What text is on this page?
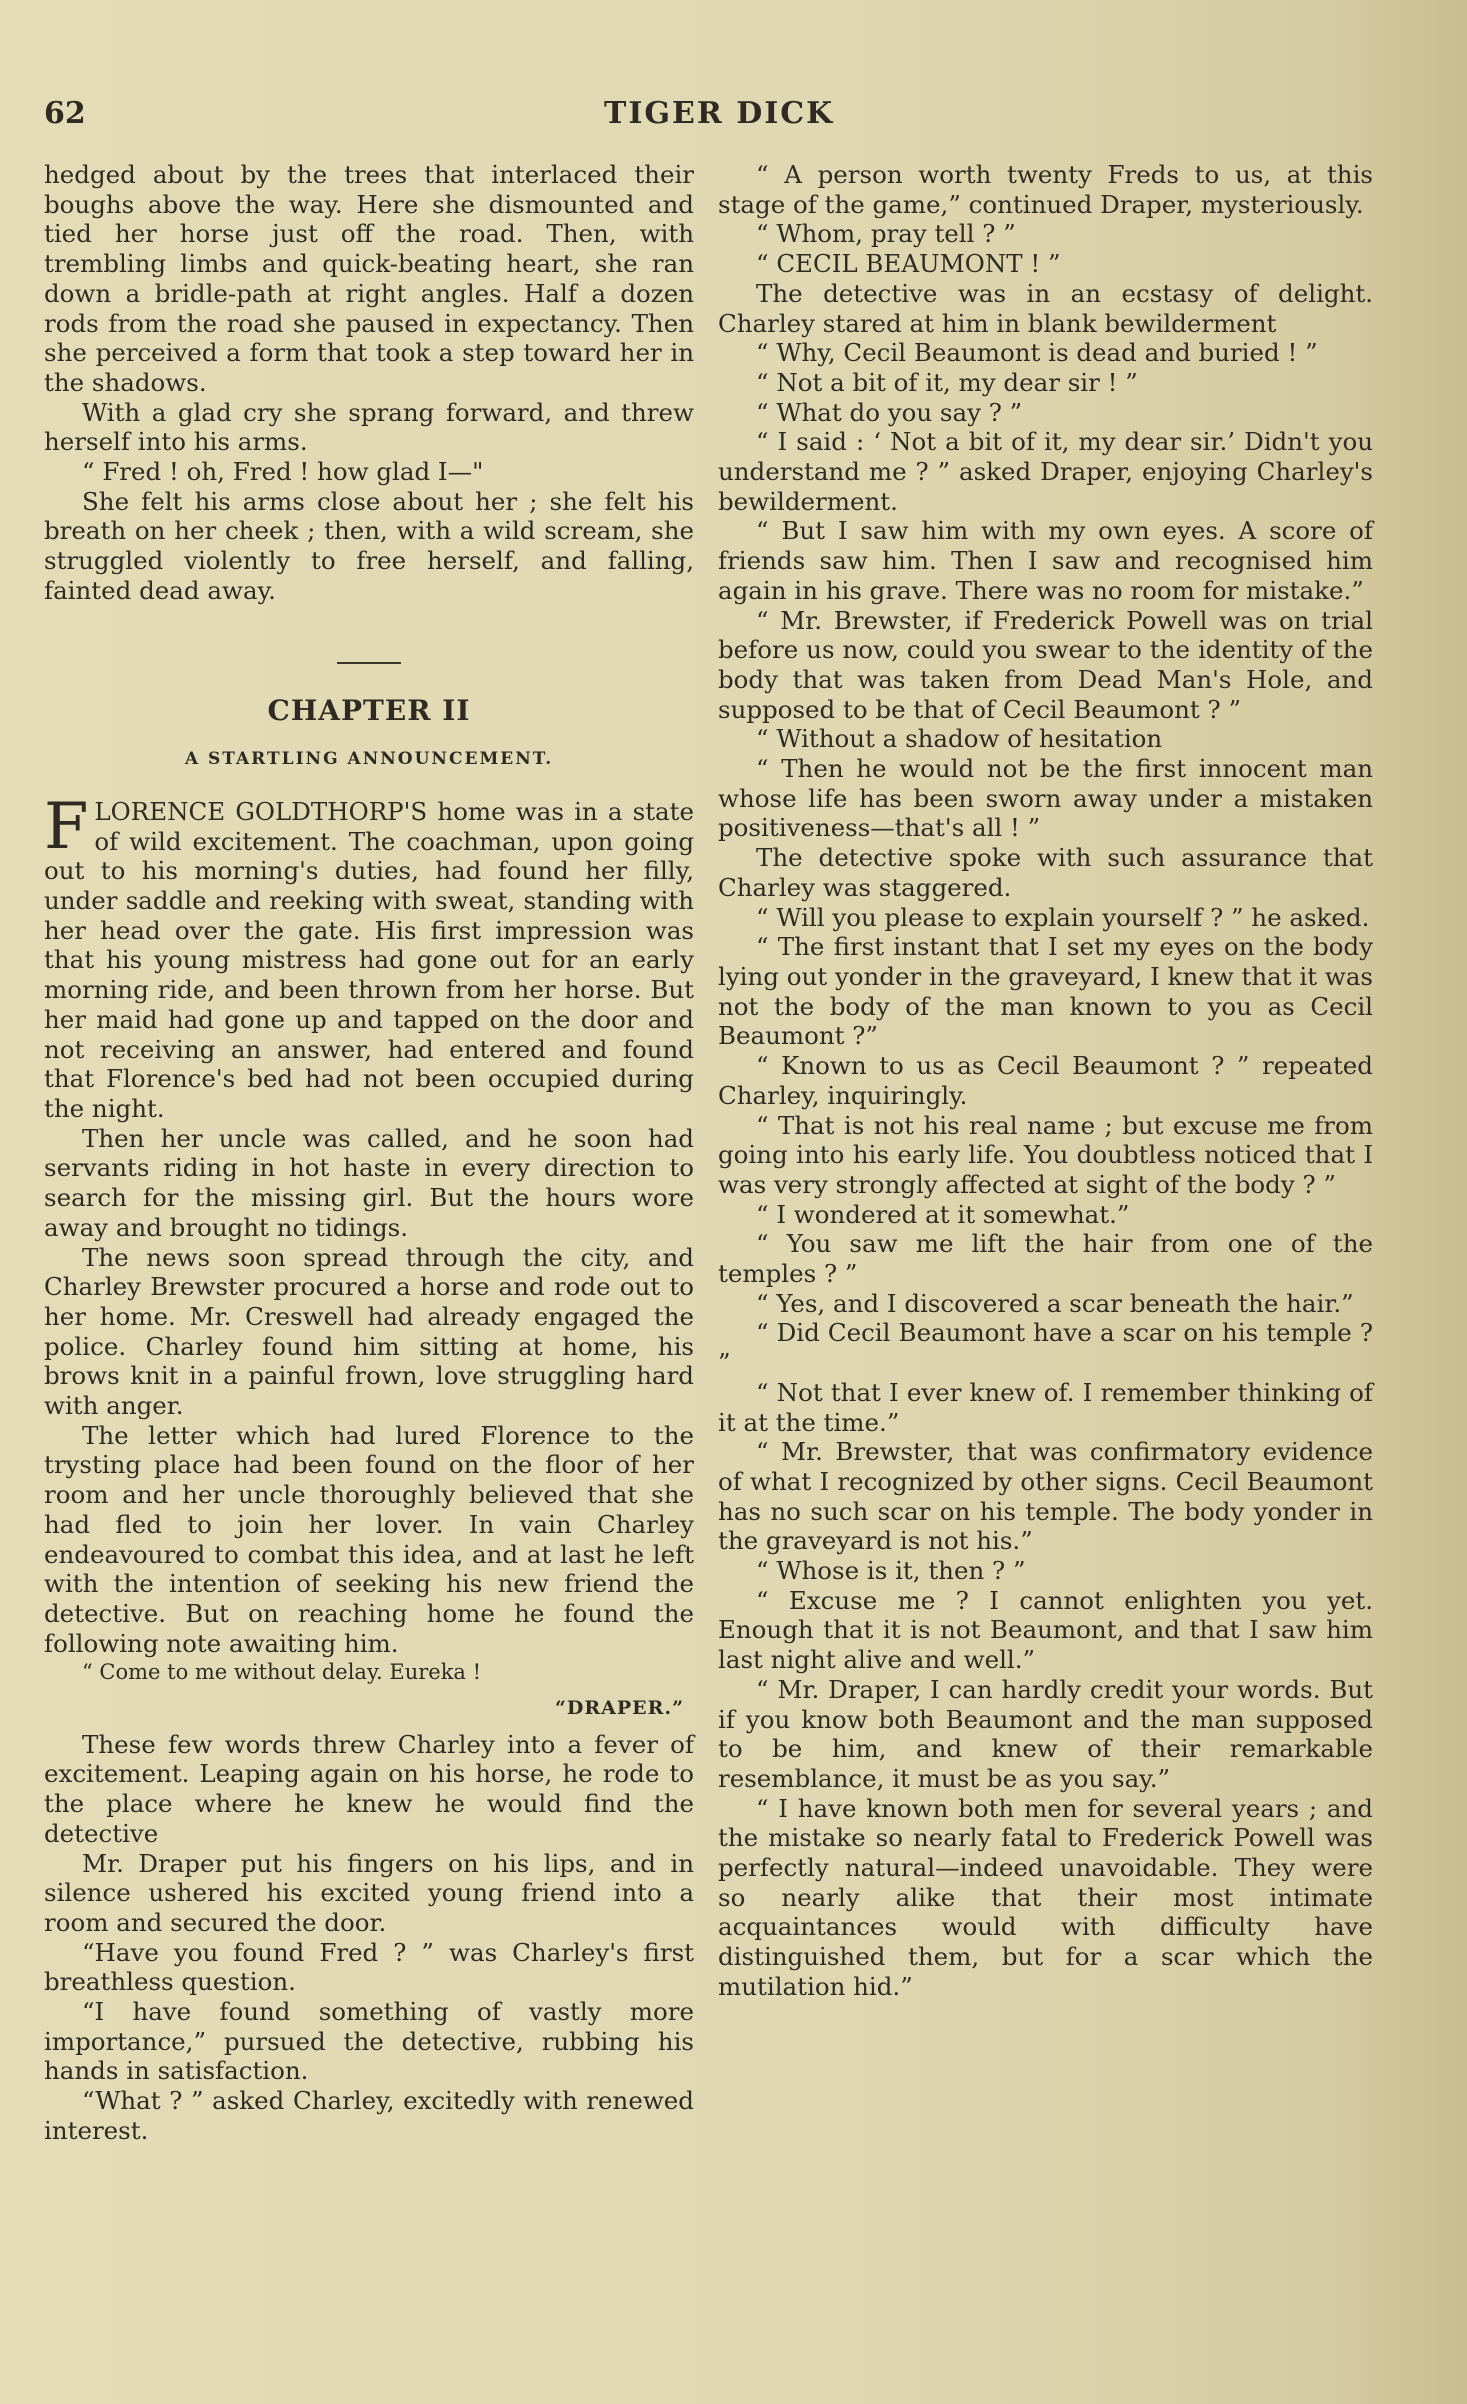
62	TIGER DICK

hedged about by the trees that interlaced their boughs above the way. Here she dismounted and tied her horse just off the road. Then, with trembling limbs and quick-beating heart, she ran down a bridle-path at right angles. Half a dozen rods from the road she paused in expectancy. Then she perceived a form that took a step toward her in the shadows.

With a glad cry she sprang forward, and threw herself into his arms.

“ Fred ! oh, Fred ! how glad I—"

She felt his arms close about her ; she felt his breath on her cheek ; then, with a wild scream, she struggled violently to free herself, and falling, fainted dead away.

CHAPTER II
A STARTLING ANNOUNCEMENT.

FLORENCE GOLDTHORP'S home was in a state of wild excitement. The coachman, upon going out to his morning's duties, had found her filly, under saddle and reeking with sweat, standing with her head over the gate. His first impression was that his young mistress had gone out for an early morning ride, and been thrown from her horse. But her maid had gone up and tapped on the door and not receiving an answer, had entered and found that Florence's bed had not been occupied during the night.

Then her uncle was called, and he soon had servants riding in hot haste in every direction to search for the missing girl. But the hours wore away and brought no tidings.

The news soon spread through the city, and Charley Brewster procured a horse and rode out to her home. Mr. Creswell had already engaged the police. Charley found him sitting at home, his brows knit in a painful frown, love struggling hard with anger.

The letter which had lured Florence to the trysting place had been found on the floor of her room and her uncle thoroughly believed that she had fled to join her lover. In vain Charley endeavoured to combat this idea, and at last he left with the intention of seeking his new friend the detective. But on reaching home he found the following note awaiting him.

“ Come to me without delay. Eureka !

“DRAPER.”

These few words threw Charley into a fever of excitement. Leaping again on his horse, he rode to the place where he knew he would find the detective

Mr. Draper put his fingers on his lips, and in silence ushered his excited young friend into a room and secured the door.

“Have you found Fred ? ” was Charley's first breathless question.

“I have found something of vastly more importance,” pursued the detective, rubbing his hands in satisfaction.

“What ? ” asked Charley, excitedly with renewed interest.

“ A person worth twenty Freds to us, at this stage of the game,” continued Draper, mysteriously.

“ Whom, pray tell ? ”

“ CECIL BEAUMONT ! ”

The detective was in an ecstasy of delight. Charley stared at him in blank bewilderment

“ Why, Cecil Beaumont is dead and buried ! ”

“ Not a bit of it, my dear sir ! ”

“ What do you say ? ”

“ I said : ‘ Not a bit of it, my dear sir.’ Didn't you understand me ? ” asked Draper, enjoying Charley's bewilderment.

“ But I saw him with my own eyes. A score of friends saw him. Then I saw and recognised him again in his grave. There was no room for mistake.”

“ Mr. Brewster, if Frederick Powell was on trial before us now, could you swear to the identity of the body that was taken from Dead Man's Hole, and supposed to be that of Cecil Beaumont ? ”

“ Without a shadow of hesitation

“ Then he would not be the first innocent man whose life has been sworn away under a mistaken positiveness—that's all ! ”

The detective spoke with such assurance that Charley was staggered.

“ Will you please to explain yourself ? ” he asked.

“ The first instant that I set my eyes on the body lying out yonder in the graveyard, I knew that it was not the body of the man known to you as Cecil Beaumont ?”

“ Known to us as Cecil Beaumont ? ” repeated Charley, inquiringly.

“ That is not his real name ; but excuse me from going into his early life. You doubtless noticed that I was very strongly affected at sight of the body ? ”

“ I wondered at it somewhat.”

“ You saw me lift the hair from one of the temples ? ”

“ Yes, and I discovered a scar beneath the hair.”

“ Did Cecil Beaumont have a scar on his temple ? ”

“ Not that I ever knew of. I remember thinking of it at the time.”

“ Mr. Brewster, that was confirmatory evidence of what I recognized by other signs. Cecil Beaumont has no such scar on his temple. The body yonder in the graveyard is not his.”

“ Whose is it, then ? ”

“ Excuse me ? I cannot enlighten you yet. Enough that it is not Beaumont, and that I saw him last night alive and well.”

“ Mr. Draper, I can hardly credit your words. But if you know both Beaumont and the man supposed to be him, and knew of their remarkable resemblance, it must be as you say.”

“ I have known both men for several years ; and the mistake so nearly fatal to Frederick Powell was perfectly natural—indeed unavoidable. They were so nearly alike that their most intimate acquaintances would with difficulty have distinguished them, but for a scar which the mutilation hid.”
